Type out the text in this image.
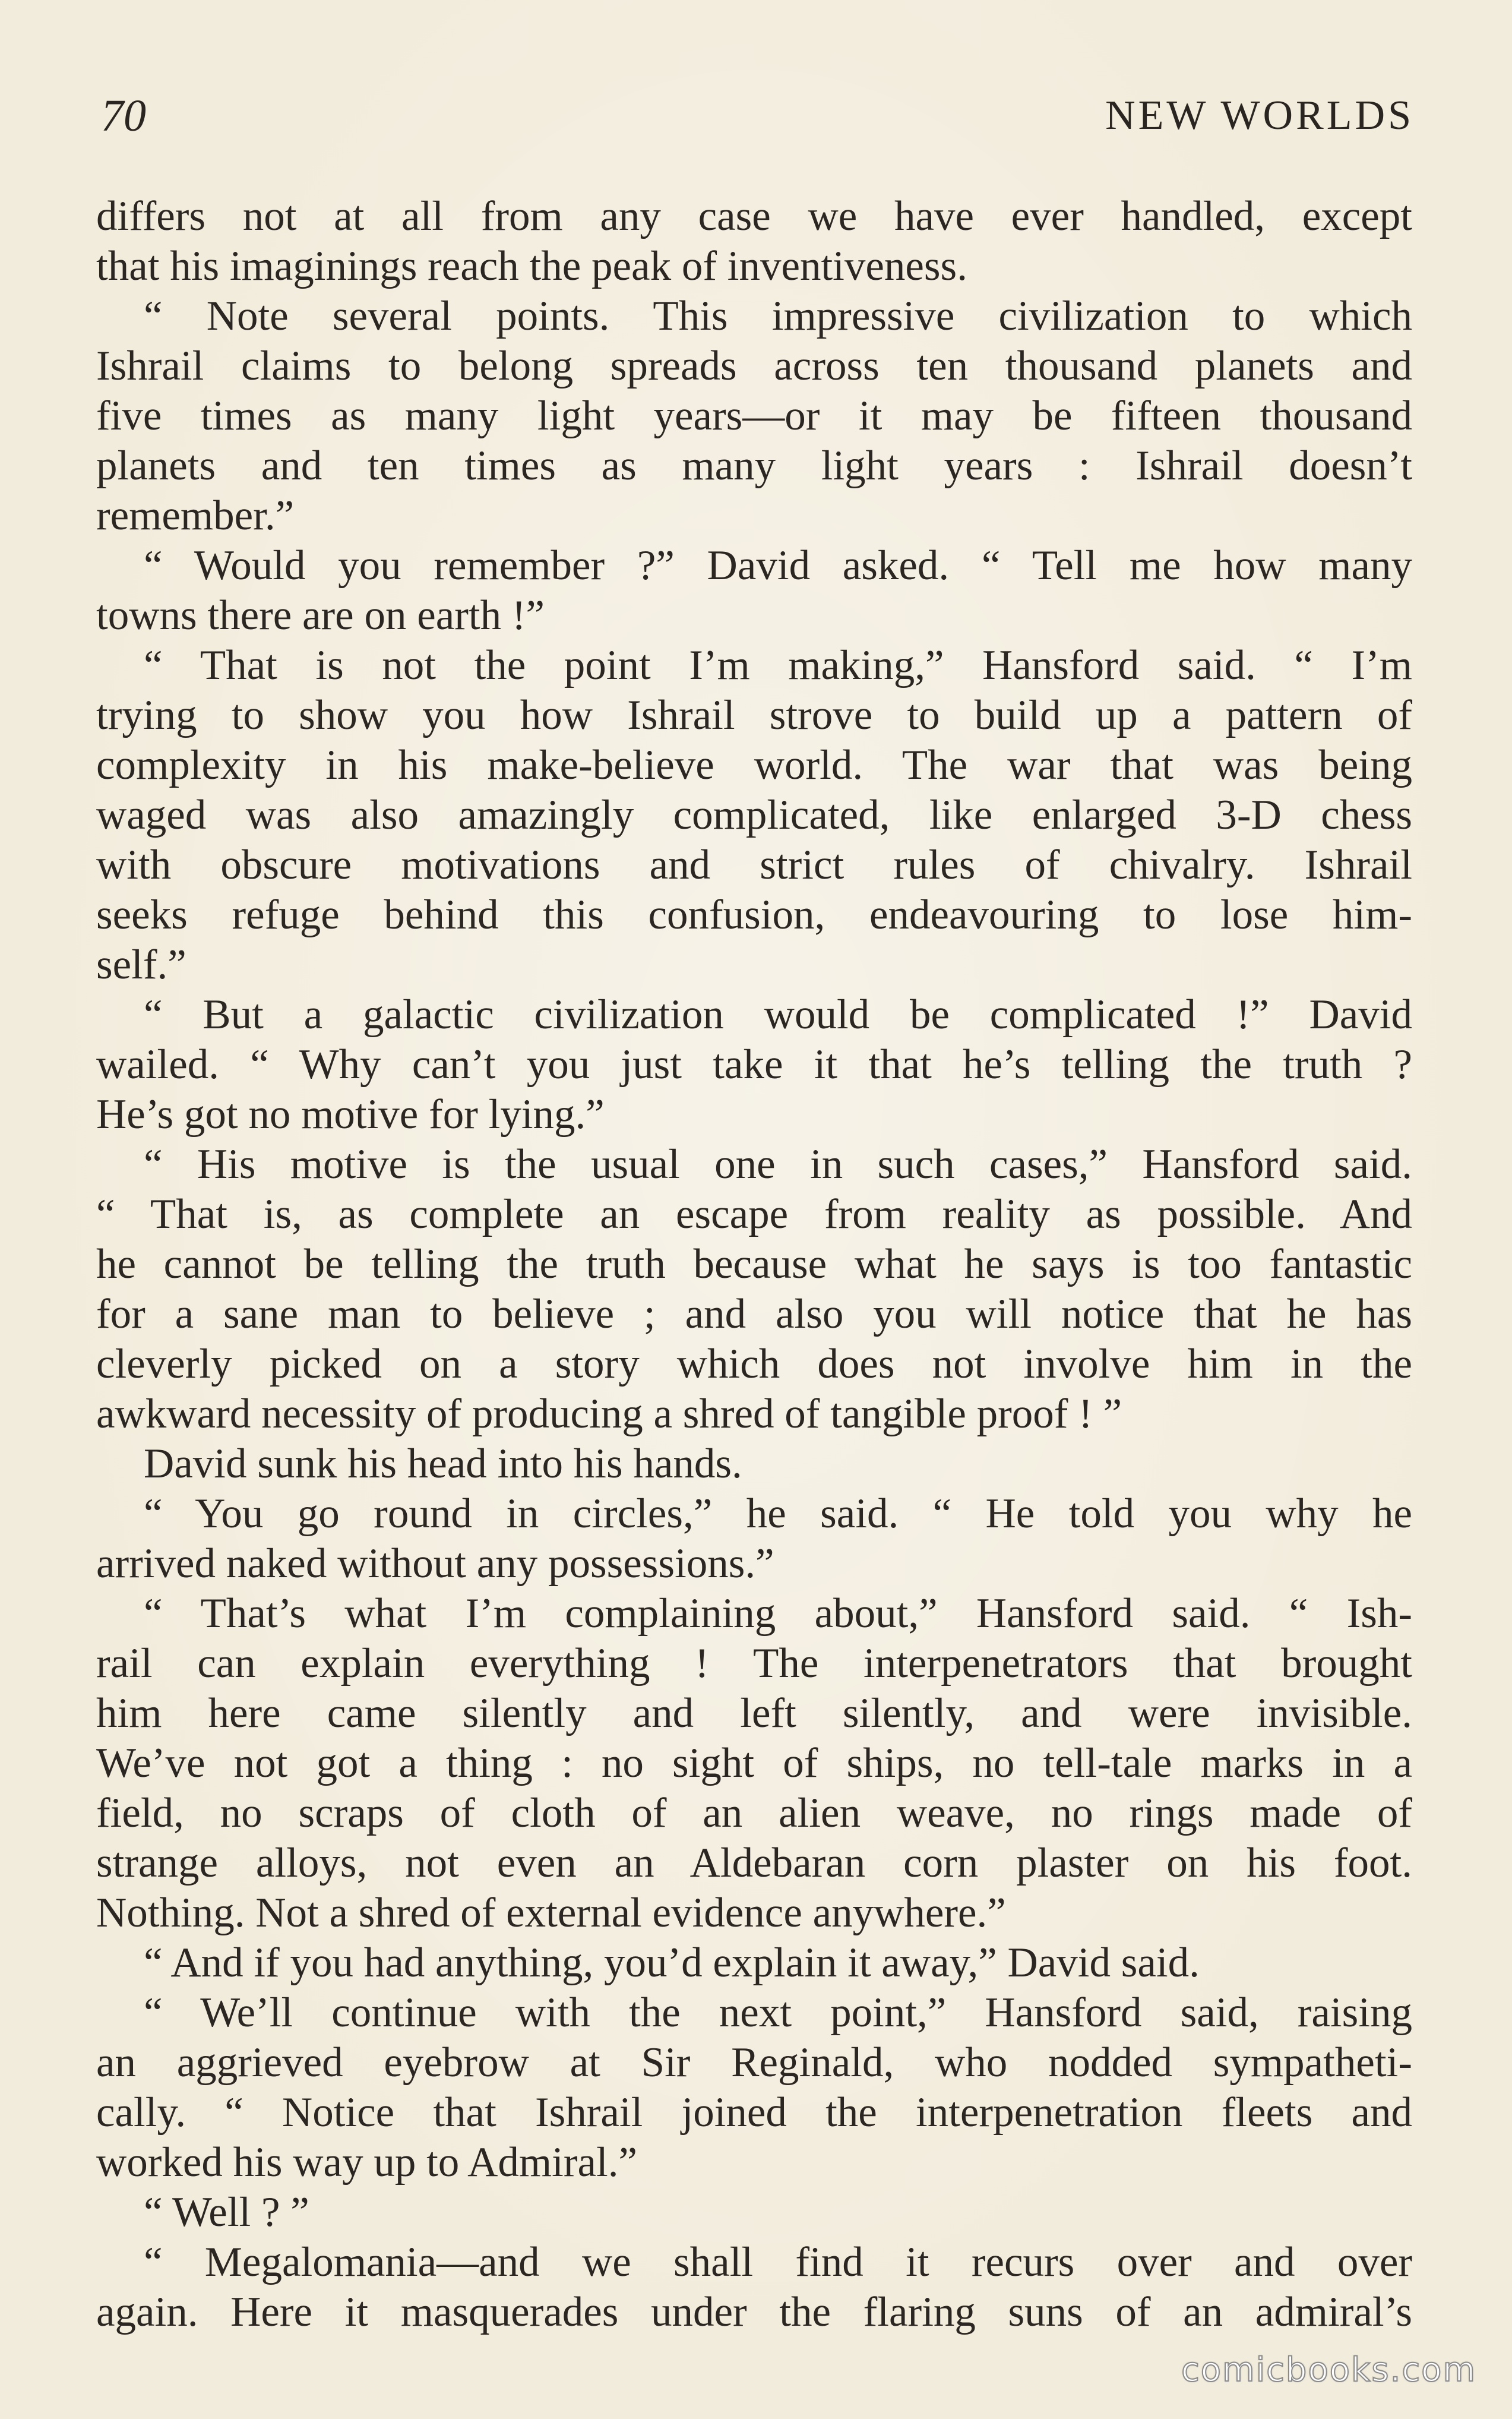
70	NEW WORLDS
differs not at all from any case we have ever handled, except
that his imaginings reach the peak of inventiveness.
“ Note several points. This impressive civilization to which
Ishrail claims to belong spreads across ten thousand planets and
five times as many light years—or it may be fifteen thousand
planets and ten times as many light years : Ishrail doesn’t
remember.”
“ Would you remember ?” David asked. “ Tell me how many
towns there are on earth !”
“ That is not the point I’m making,” Hansford said. “ I’m
trying to show you how Ishrail strove to build up a pattern of
complexity in his make-believe world. The war that was being
waged was also amazingly complicated, like enlarged 3-D chess
with obscure motivations and strict rules of chivalry. Ishrail
seeks refuge behind this confusion, endeavouring to lose him-
self.”
“ But a galactic civilization would be complicated !” David
wailed. “ Why can’t you just take it that he’s telling the truth ?
He’s got no motive for lying.”
“ His motive is the usual one in such cases,” Hansford said.
“ That is, as complete an escape from reality as possible. And
he cannot be telling the truth because what he says is too fantastic
for a sane man to believe ; and also you will notice that he has
cleverly picked on a story which does not involve him in the
awkward necessity of producing a shred of tangible proof ! ”
David sunk his head into his hands.
“ You go round in circles,” he said. “ He told you why he
arrived naked without any possessions.”
“ That’s what I’m complaining about,” Hansford said. “ Ish-
rail can explain everything ! The interpenetrators that brought
him here came silently and left silently, and were invisible.
We’ve not got a thing : no sight of ships, no tell-tale marks in a
field, no scraps of cloth of an alien weave, no rings made of
strange alloys, not even an Aldebaran corn plaster on his foot.
Nothing. Not a shred of external evidence anywhere.”
“ And if you had anything, you’d explain it away,” David said.
“ We’ll continue with the next point,” Hansford said, raising
an aggrieved eyebrow at Sir Reginald, who nodded sympatheti-
cally. “ Notice that Ishrail joined the interpenetration fleets and
worked his way up to Admiral.”
“ Well ? ”
“ Megalomania—and we shall find it recurs over and over
again. Here it masquerades under the flaring suns of an admiral’s
comicbooks.com
